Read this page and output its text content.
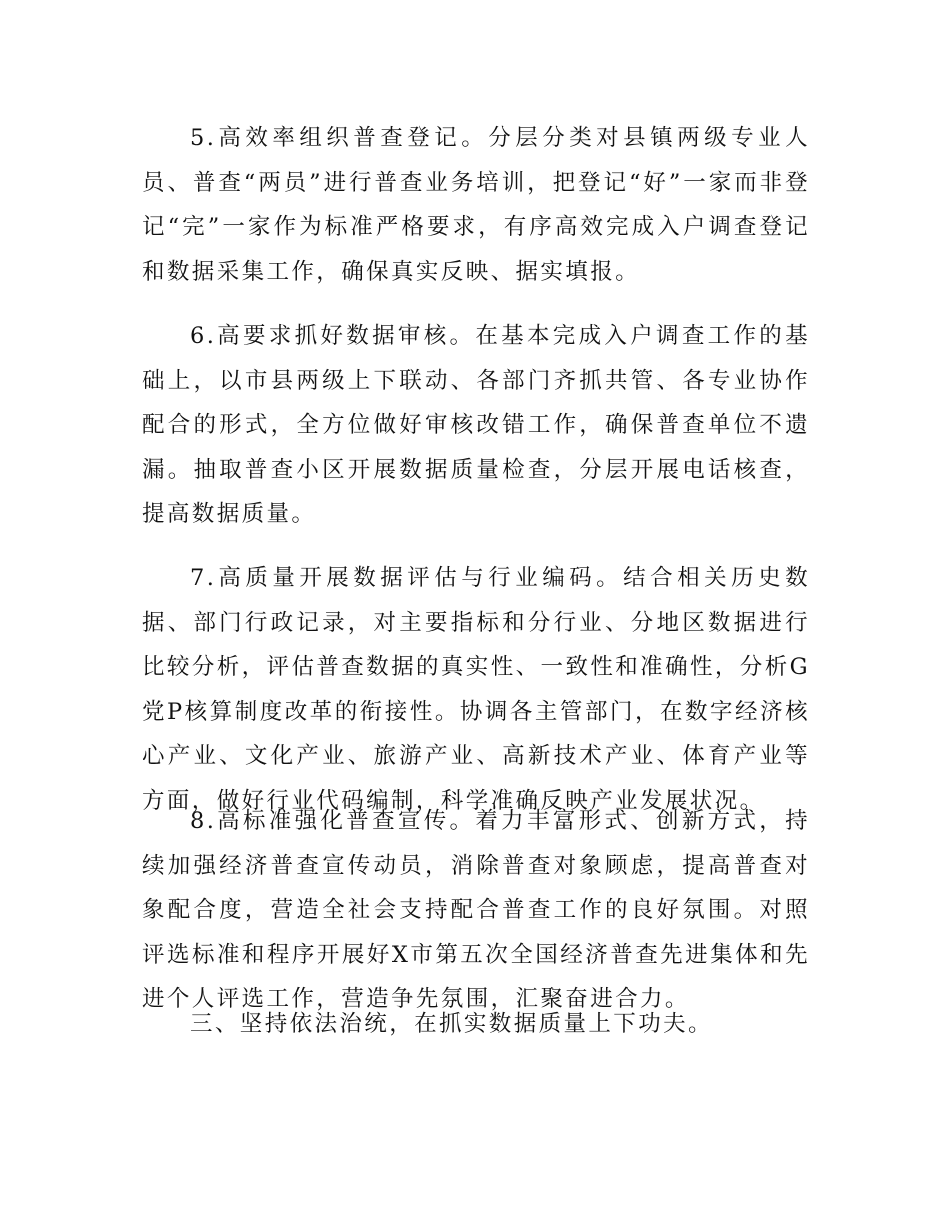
5.高效率组织普查登记。分层分类对县镇两级专业人员、普查“两员”进行普查业务培训，把登记“好”一家而非登记“完”一家作为标准严格要求，有序高效完成入户调查登记和数据采集工作，确保真实反映、据实填报。

6.高要求抓好数据审核。在基本完成入户调查工作的基础上，以市县两级上下联动、各部门齐抓共管、各专业协作配合的形式，全方位做好审核改错工作，确保普查单位不遗漏。抽取普查小区开展数据质量检查，分层开展电话核查，提高数据质量。

7.高质量开展数据评估与行业编码。结合相关历史数据、部门行政记录，对主要指标和分行业、分地区数据进行比较分析，评估普查数据的真实性、一致性和准确性，分析G党P核算制度改革的衔接性。协调各主管部门，在数字经济核心产业、文化产业、旅游产业、高新技术产业、体育产业等方面，做好行业代码编制，科学准确反映产业发展状况。

8.高标准强化普查宣传。着力丰富形式、创新方式，持续加强经济普查宣传动员，消除普查对象顾虑，提高普查对象配合度，营造全社会支持配合普查工作的良好氛围。对照评选标准和程序开展好X市第五次全国经济普查先进集体和先进个人评选工作，营造争先氛围，汇聚奋进合力。

三、坚持依法治统，在抓实数据质量上下功夫。
